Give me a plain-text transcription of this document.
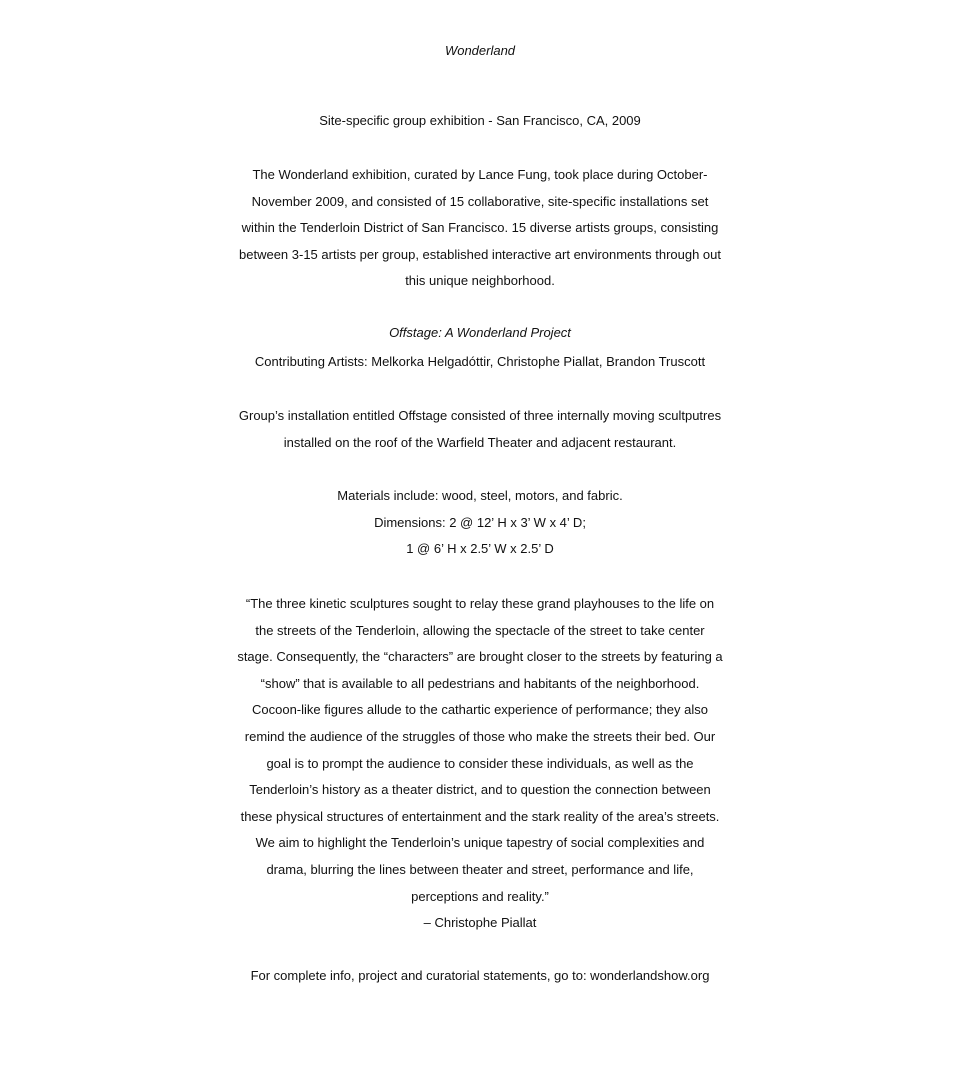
Wonderland

Site-specific group exhibition - San Francisco, CA, 2009

The Wonderland exhibition, curated by Lance Fung, took place during October-
November 2009, and consisted of 15 collaborative, site-specific installations set
within the Tenderloin District of San Francisco. 15 diverse artists groups, consisting
between 3-15 artists per group, established interactive art environments through out
this unique neighborhood.
Offstage: A Wonderland Project
Contributing Artists: Melkorka Helgadóttir, Christophe Piallat, Brandon Truscott
Group’s installation entitled Offstage consisted of three internally moving scultputres
installed on the roof of the Warfield Theater and adjacent restaurant.
Materials include: wood, steel, motors, and fabric.
Dimensions: 2 @ 12’ H x 3’ W x 4’ D;
1 @ 6’ H x 2.5’ W x 2.5’ D
“The three kinetic sculptures sought to relay these grand playhouses to the life on
the streets of the Tenderloin, allowing the spectacle of the street to take center
stage. Consequently, the “characters” are brought closer to the streets by featuring a
“show” that is available to all pedestrians and habitants of the neighborhood.
Cocoon-like figures allude to the cathartic experience of performance; they also
remind the audience of the struggles of those who make the streets their bed. Our
goal is to prompt the audience to consider these individuals, as well as the
Tenderloin’s history as a theater district, and to question the connection between
these physical structures of entertainment and the stark reality of the area’s streets.
We aim to highlight the Tenderloin’s unique tapestry of social complexities and
drama, blurring the lines between theater and street, performance and life,
perceptions and reality.”
– Christophe Piallat

For complete info, project and curatorial statements, go to: wonderlandshow.org
